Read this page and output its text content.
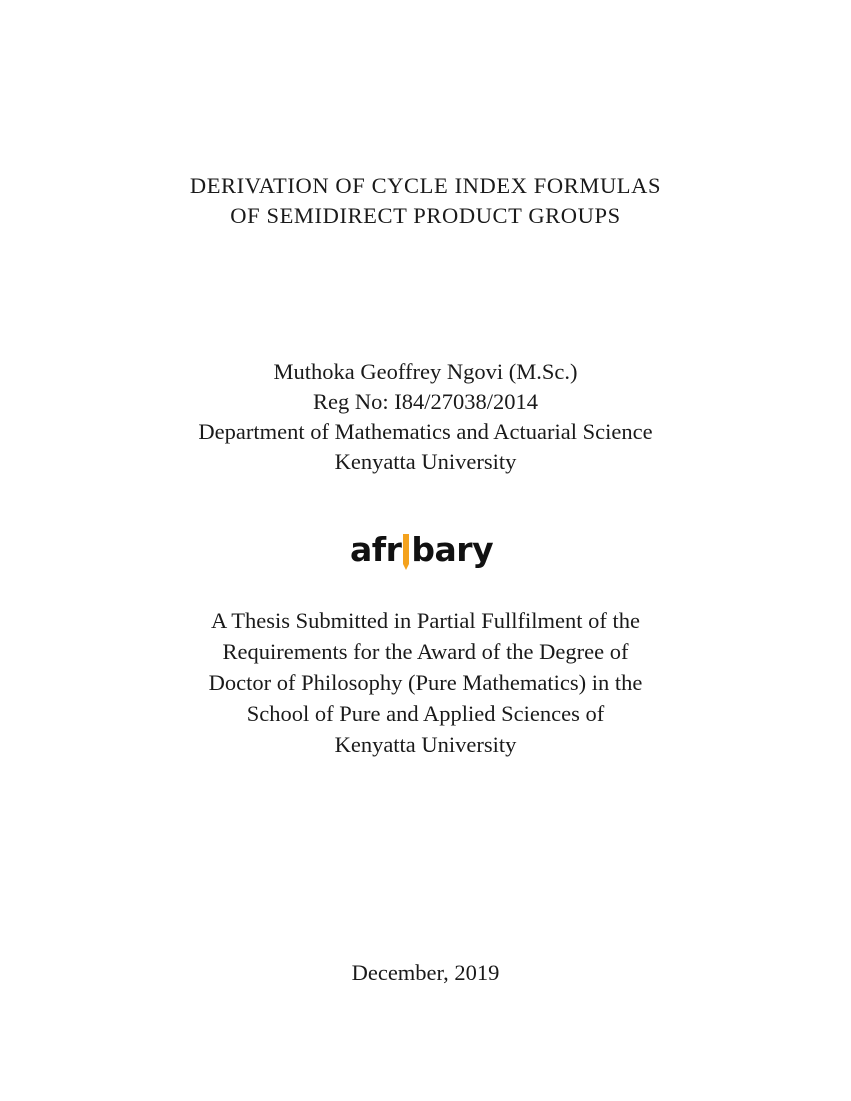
DERIVATION OF CYCLE INDEX FORMULAS
OF SEMIDIRECT PRODUCT GROUPS
Muthoka Geoffrey Ngovi (M.Sc.)
Reg No: I84/27038/2014
Department of Mathematics and Actuarial Science
Kenyatta University
afr bary
A Thesis Submitted in Partial Fullfilment of the
Requirements for the Award of the Degree of
Doctor of Philosophy (Pure Mathematics) in the
School of Pure and Applied Sciences of
Kenyatta University
December, 2019
